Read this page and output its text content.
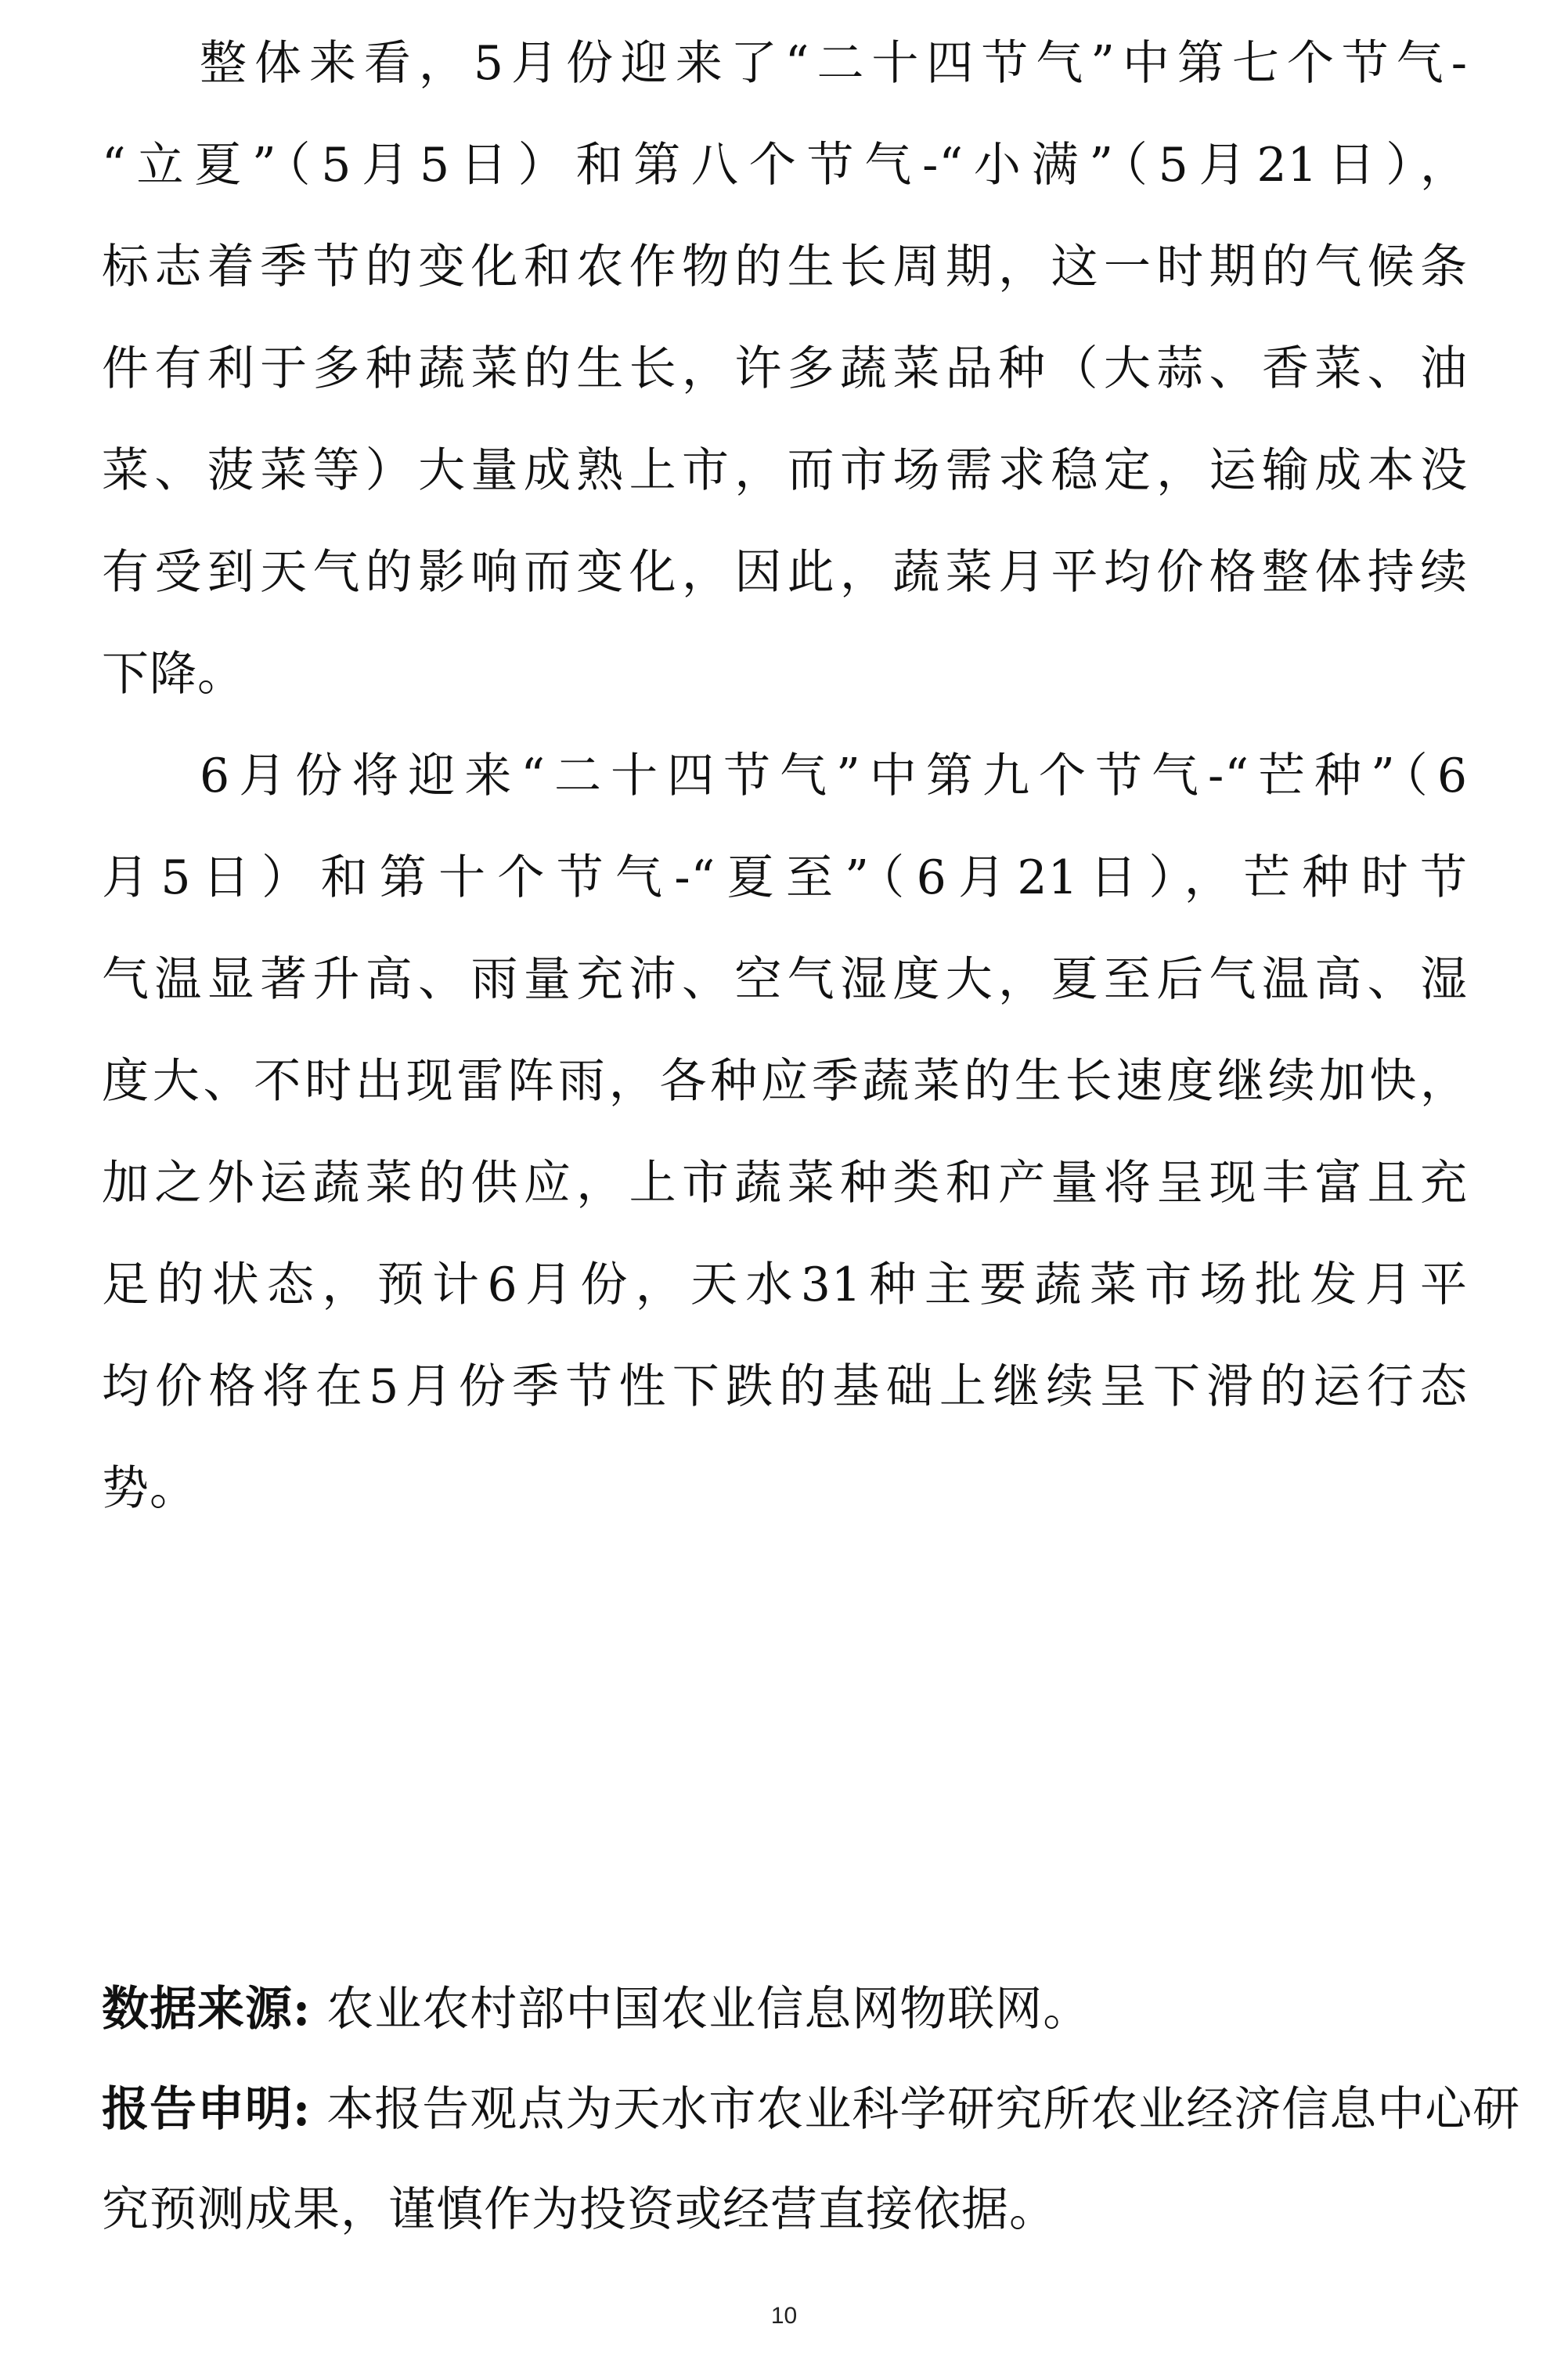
整体来看，5月份迎来了“二十四节气”中第七个节气-
“立夏”（5月5日）和第八个节气-“小满”（5月21日），
标志着季节的变化和农作物的生长周期，这一时期的气候条
件有利于多种蔬菜的生长，许多蔬菜品种（大蒜、香菜、油
菜、菠菜等）大量成熟上市，而市场需求稳定，运输成本没
有受到天气的影响而变化，因此，蔬菜月平均价格整体持续
下降。
6月份将迎来“二十四节气”中第九个节气-“芒种”（6
月5日）和第十个节气-“夏至”（6月21日），芒种时节
气温显著升高、雨量充沛、空气湿度大，夏至后气温高、湿
度大、不时出现雷阵雨，各种应季蔬菜的生长速度继续加快，
加之外运蔬菜的供应，上市蔬菜种类和产量将呈现丰富且充
足的状态，预计6月份，天水31种主要蔬菜市场批发月平
均价格将在5月份季节性下跌的基础上继续呈下滑的运行态
势。
数据来源: 农业农村部中国农业信息网物联网。
报告申明: 本报告观点为天水市农业科学研究所农业经济信息中心研
究预测成果，谨慎作为投资或经营直接依据。
10
